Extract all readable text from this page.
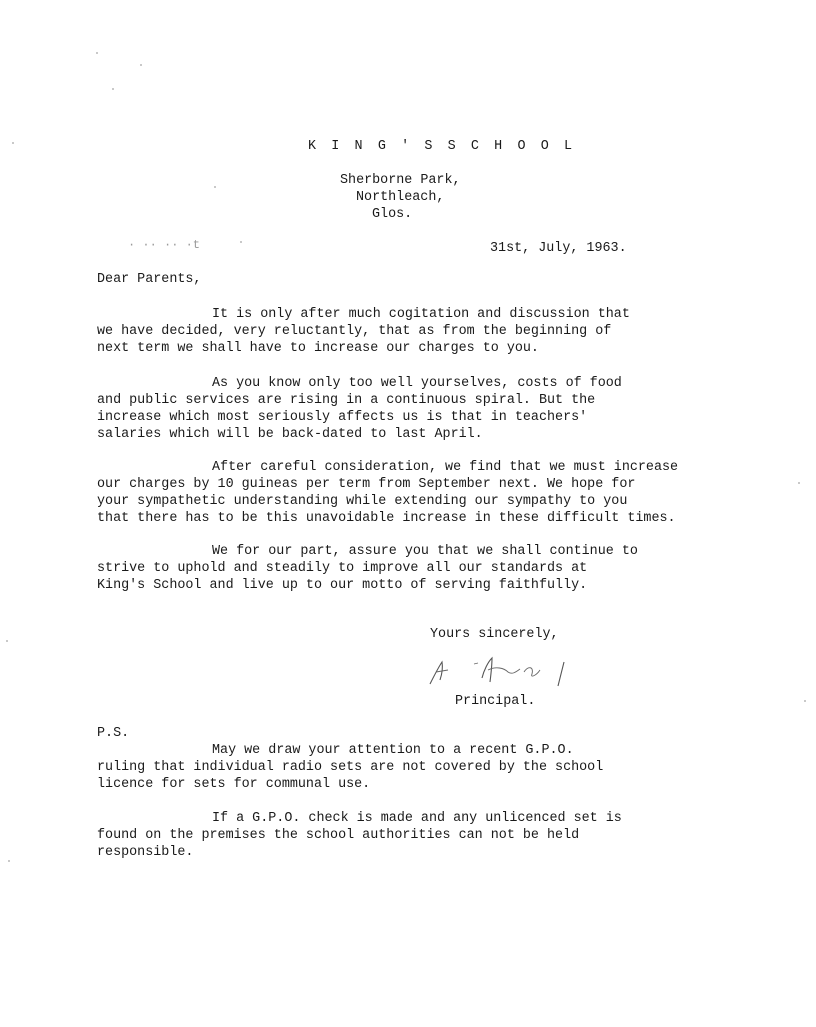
K I N G ' S S C H O O L
Sherborne Park,
Northleach,
Glos.
· ·· ·· ·t	31st, July, 1963.
Dear Parents,
It is only after much cogitation and discussion that
we have decided, very reluctantly, that as from the beginning of
next term we shall have to increase our charges to you.
As you know only too well yourselves, costs of food
and public services are rising in a continuous spiral. But the
increase which most seriously affects us is that in teachers'
salaries which will be back-dated to last April.
After careful consideration, we find that we must increase
our charges by 10 guineas per term from September next. We hope for
your sympathetic understanding while extending our sympathy to you
that there has to be this unavoidable increase in these difficult times.
We for our part, assure you that we shall continue to
strive to uphold and steadily to improve all our standards at
King's School and live up to our motto of serving faithfully.
Yours sincerely,
Principal.
P.S.
May we draw your attention to a recent G.P.O.
ruling that individual radio sets are not covered by the school
licence for sets for communal use.
If a G.P.O. check is made and any unlicenced set is
found on the premises the school authorities can not be held
responsible.
